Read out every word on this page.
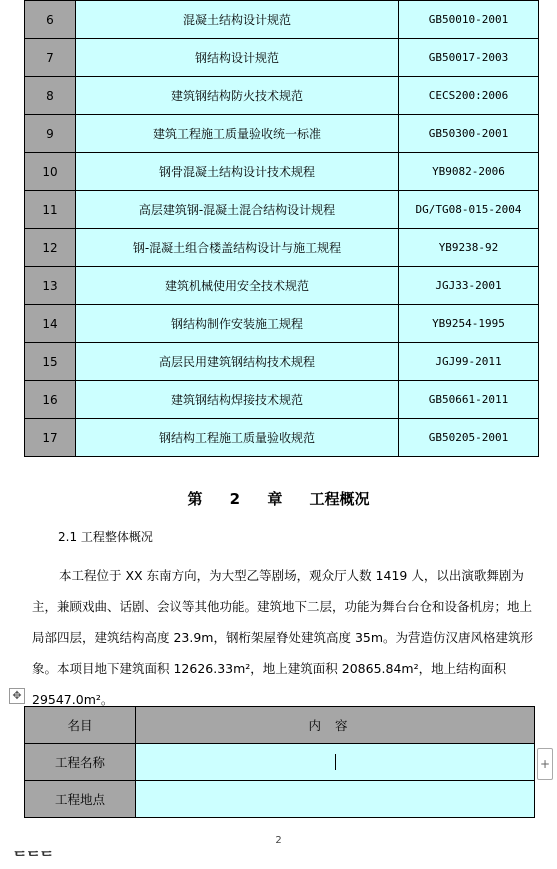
6	混凝土结构设计规范	GB50010-2001
7	钢结构设计规范	GB50017-2003
8	建筑钢结构防火技术规范	CECS200:2006
9	建筑工程施工质量验收统一标准	GB50300-2001
10	钢骨混凝土结构设计技术规程	YB9082-2006
11	高层建筑钢-混凝土混合结构设计规程	DG/TG08-015-2004
12	钢-混凝土组合楼盖结构设计与施工规程	YB9238-92
13	建筑机械使用安全技术规范	JGJ33-2001
14	钢结构制作安装施工规程	YB9254-1995
15	高层民用建筑钢结构技术规程	JGJ99-2011
16	建筑钢结构焊接技术规范	GB50661-2011
17	钢结构工程施工质量验收规范	GB50205-2001
第 2 章 工程概况
2.1 工程整体概况
本工程位于 XX 东南方向，为大型乙等剧场，观众厅人数 1419 人，以出演歌舞剧为主，兼顾戏曲、话剧、会议等其他功能。建筑地下二层，功能为舞台台仓和设备机房；地上局部四层，建筑结构高度 23.9m，钢桁架屋脊处建筑高度 35m。为营造仿汉唐风格建筑形象。本项目地下建筑面积 12626.33m²，地上建筑面积 20865.84m²，地上结构面积 29547.0m²。
✥
名目	内容
工程名称	
工程地点	
+
2
ᄃᄃᄃ
